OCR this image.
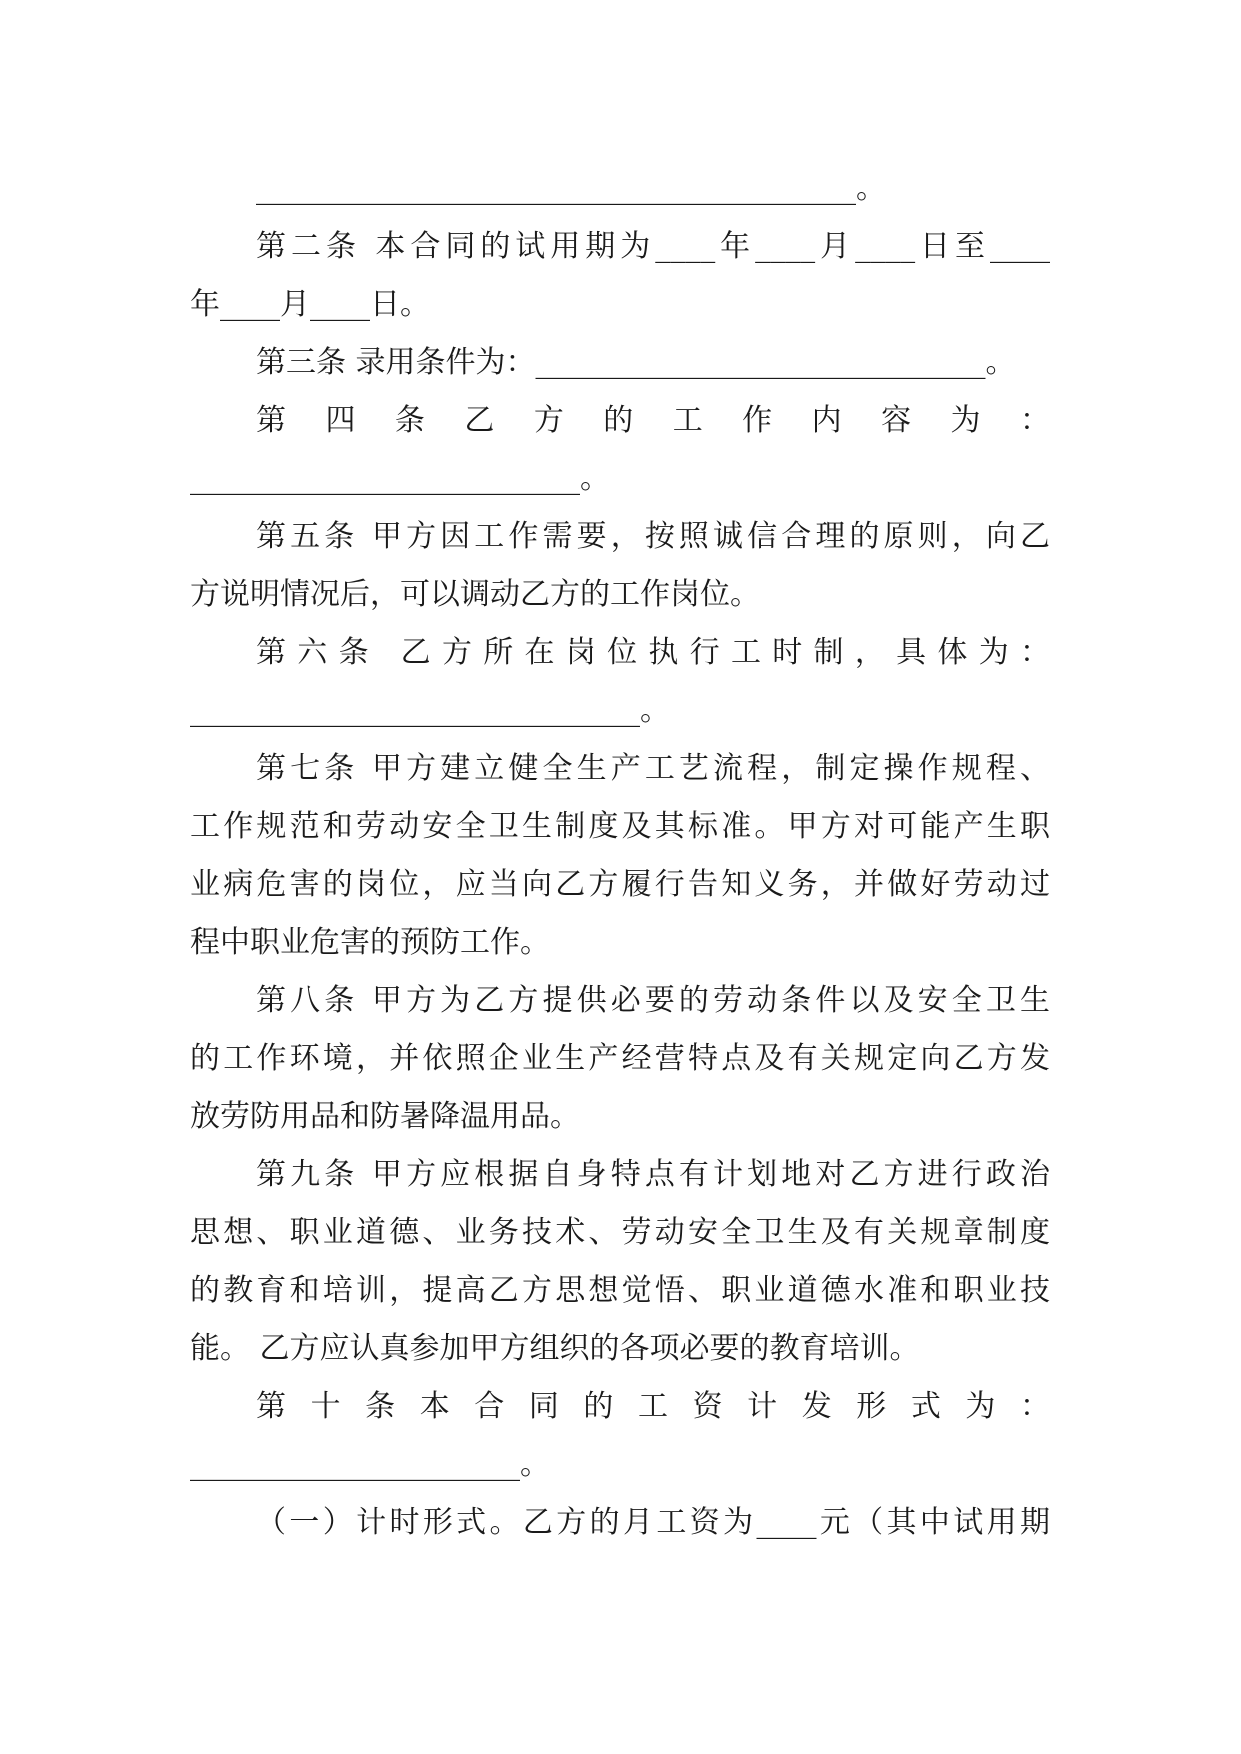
________________________________________。
第二条 本合同的试用期为____年____月____日至____
年____月____日。
第三条 录用条件为：______________________________。
第 四 条 乙 方 的 工 作 内 容 为 ：
__________________________。
第五条 甲方因工作需要，按照诚信合理的原则，向乙
方说明情况后，可以调动乙方的工作岗位。
第六条 乙方所在岗位执行工时制，具体为：
______________________________。
第七条 甲方建立健全生产工艺流程，制定操作规程、
工作规范和劳动安全卫生制度及其标准。甲方对可能产生职
业病危害的岗位，应当向乙方履行告知义务，并做好劳动过
程中职业危害的预防工作。
第八条 甲方为乙方提供必要的劳动条件以及安全卫生
的工作环境，并依照企业生产经营特点及有关规定向乙方发
放劳防用品和防暑降温用品。
第九条 甲方应根据自身特点有计划地对乙方进行政治
思想、职业道德、业务技术、劳动安全卫生及有关规章制度
的教育和培训，提高乙方思想觉悟、职业道德水准和职业技
能。 乙方应认真参加甲方组织的各项必要的教育培训。
第 十 条 本 合 同 的 工 资 计 发 形 式 为 ：
______________________。
（一）计时形式。乙方的月工资为____元（其中试用期
